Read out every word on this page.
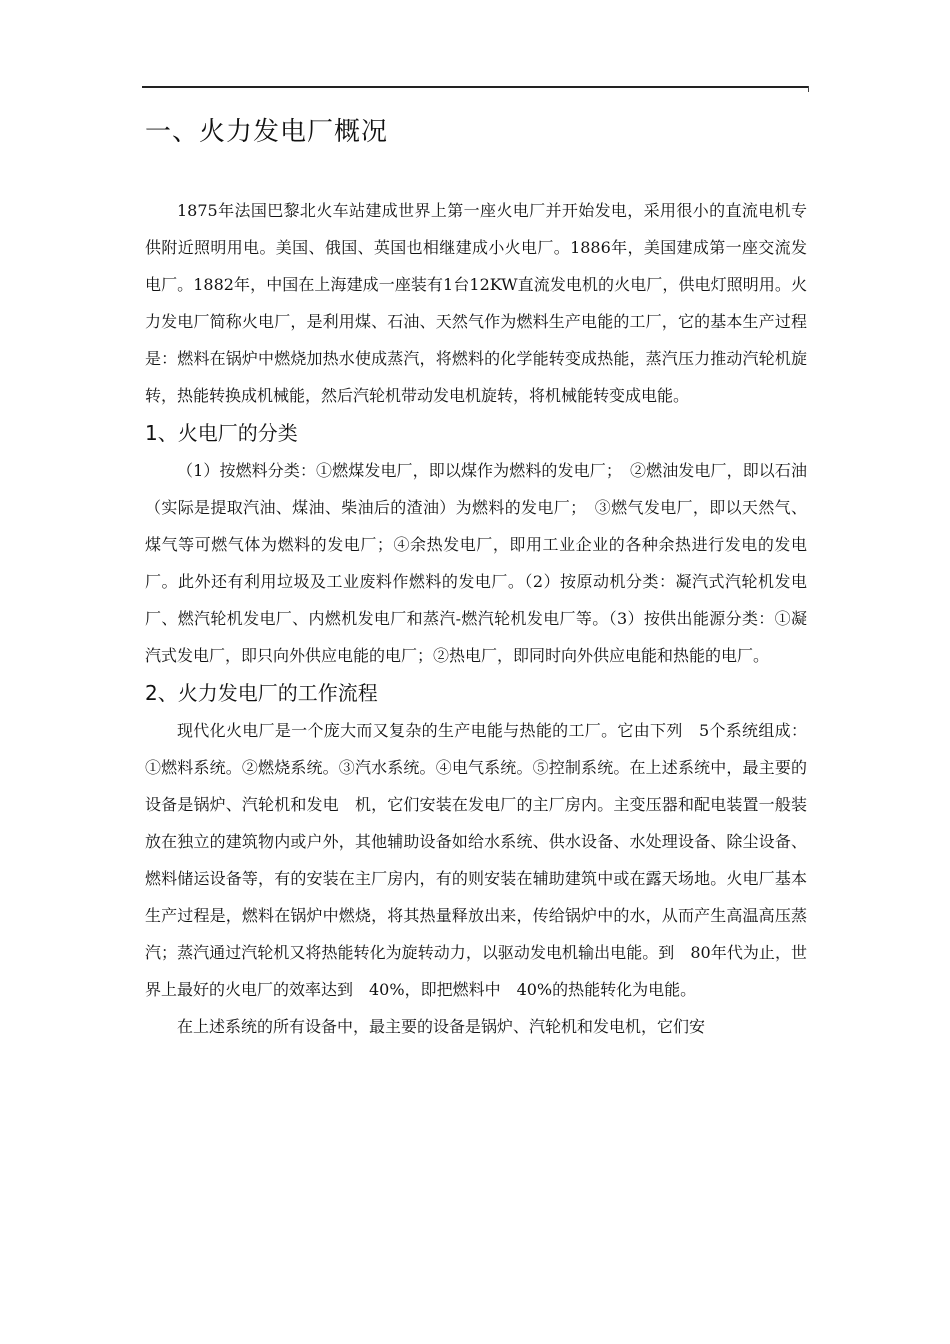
一、火力发电厂概况

1875年法国巴黎北火车站建成世界上第一座火电厂并开始发电，采用很小的直流电机专供附近照明用电。美国、俄国、英国也相继建成小火电厂。1886年，美国建成第一座交流发电厂。1882年，中国在上海建成一座装有1台12KW直流发电机的火电厂，供电灯照明用。火力发电厂简称火电厂，是利用煤、石油、天然气作为燃料生产电能的工厂，它的基本生产过程是：燃料在锅炉中燃烧加热水使成蒸汽，将燃料的化学能转变成热能，蒸汽压力推动汽轮机旋转，热能转换成机械能，然后汽轮机带动发电机旋转，将机械能转变成电能。

1、火电厂的分类

（1）按燃料分类：①燃煤发电厂，即以煤作为燃料的发电厂；　②燃油发电厂，即以石油（实际是提取汽油、煤油、柴油后的渣油）为燃料的发电厂；　③燃气发电厂，即以天然气、煤气等可燃气体为燃料的发电厂；④余热发电厂，即用工业企业的各种余热进行发电的发电厂。此外还有利用垃圾及工业废料作燃料的发电厂。（2）按原动机分类：凝汽式汽轮机发电厂、燃汽轮机发电厂、内燃机发电厂和蒸汽-燃汽轮机发电厂等。（3）按供出能源分类：①凝汽式发电厂，即只向外供应电能的电厂；②热电厂，即同时向外供应电能和热能的电厂。

2、火力发电厂的工作流程

现代化火电厂是一个庞大而又复杂的生产电能与热能的工厂。它由下列　5个系统组成：①燃料系统。②燃烧系统。③汽水系统。④电气系统。⑤控制系统。在上述系统中，最主要的设备是锅炉、汽轮机和发电　机，它们安装在发电厂的主厂房内。主变压器和配电装置一般装放在独立的建筑物内或户外，其他辅助设备如给水系统、供水设备、水处理设备、除尘设备、燃料储运设备等，有的安装在主厂房内，有的则安装在辅助建筑中或在露天场地。火电厂基本生产过程是，燃料在锅炉中燃烧，将其热量释放出来，传给锅炉中的水，从而产生高温高压蒸汽；蒸汽通过汽轮机又将热能转化为旋转动力，以驱动发电机输出电能。到　80年代为止，世界上最好的火电厂的效率达到　40%，即把燃料中　40%的热能转化为电能。

在上述系统的所有设备中，最主要的设备是锅炉、汽轮机和发电机，它们安
